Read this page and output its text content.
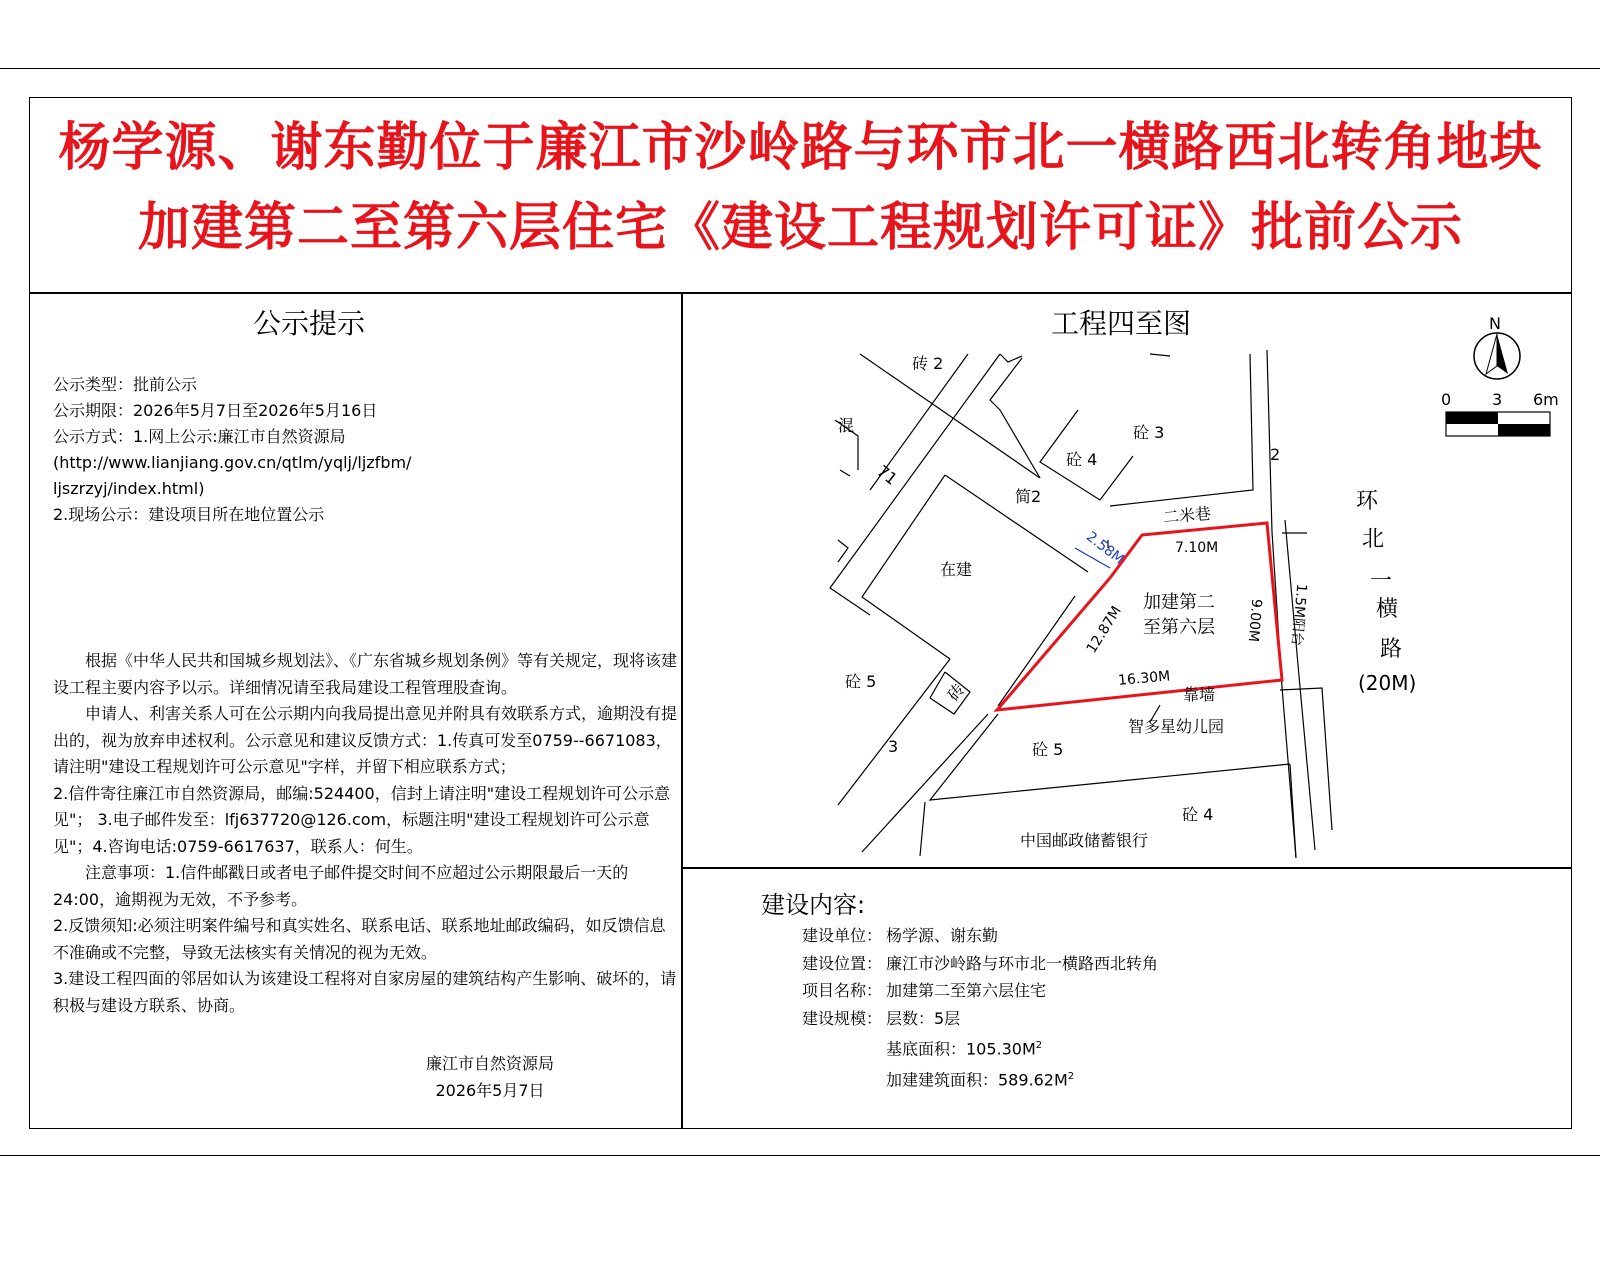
杨学源、谢东勤位于廉江市沙岭路与环市北一横路西北转角地块
加建第二至第六层住宅《建设工程规划许可证》批前公示
公示提示
公示类型：批前公示
公示期限：2026年5月7日至2026年5月16日
公示方式：1.网上公示:廉江市自然资源局
(http://www.lianjiang.gov.cn/qtlm/yqlj/ljzfbm/
ljszrzyj/index.html)
2.现场公示：建设项目所在地位置公示

根据《中华人民共和国城乡规划法》、《广东省城乡规划条例》等有关规定，现将该建设工程主要内容予以示。详细情况请至我局建设工程管理股查询。

申请人、利害关系人可在公示期内向我局提出意见并附具有效联系方式，逾期没有提出的，视为放弃申述权利。公示意见和建议反馈方式：1.传真可发至0759--6671083，请注明"建设工程规划许可公示意见"字样，并留下相应联系方式；

2.信件寄往廉江市自然资源局，邮编:524400，信封上请注明"建设工程规划许可公示意见"； 3.电子邮件发至：lfj637720@126.com，标题注明"建设工程规划许可公示意见"；4.咨询电话:0759-6617637，联系人：何生。

注意事项：1.信件邮戳日或者电子邮件提交时间不应超过公示期限最后一天的24:00，逾期视为无效，不予参考。

2.反馈须知:必须注明案件编号和真实姓名、联系电话、联系地址邮政编码，如反馈信息不准确或不完整，导致无法核实有关情况的视为无效。

3.建设工程四面的邻居如认为该建设工程将对自家房屋的建筑结构产生影响、破坏的，请积极与建设方联系、协商。

廉江市自然资源局
2026年5月7日
工程四至图
砖 2
混
71
砼 4
砼 3
简2
2
二米巷
在建
2.58M	7.10M
12.87M	9.00M 1.5M阳台
加建第二
至第六层
砼 5	砖
16.30M
靠墙
智多星幼儿园
3	砼 5
砼 4
中国邮政储蓄银行
环
北
一
横
路
(20M)
N
0	3 6m
建设内容:
建设单位： 杨学源、谢东勤
建设位置： 廉江市沙岭路与环市北一横路西北转角
项目名称： 加建第二至第六层住宅
建设规模： 层数：5层
基底面积：$105.30M^2$
加建建筑面积：$589.62M^2$
